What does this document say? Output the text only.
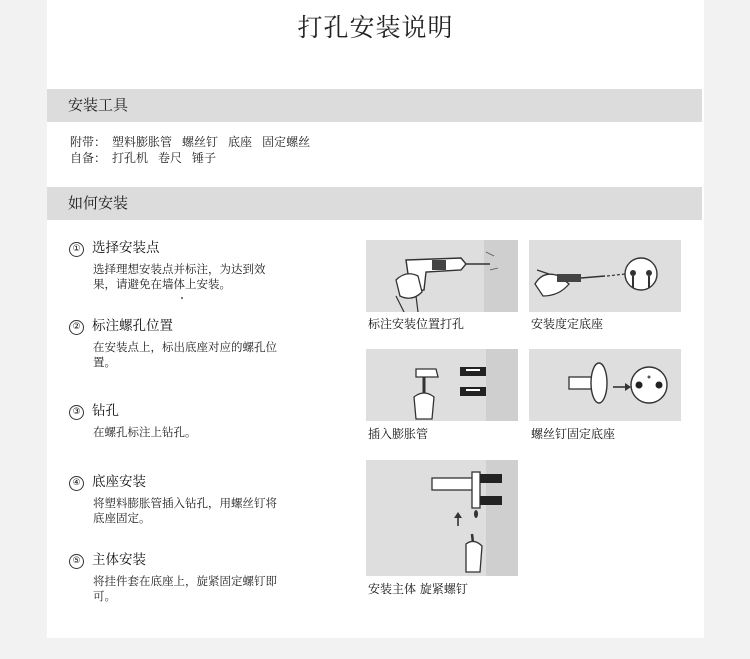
打孔安装说明
安装工具
附带： 塑料膨胀管 螺丝钉 底座 固定螺丝
自备： 打孔机 卷尺 锤子
如何安装
① 选择安装点
选择理想安装点并标注，为达到效果，请避免在墙体上安装。
② 标注螺孔位置
在安装点上，标出底座对应的螺孔位置。
③ 钻孔
在螺孔标注上钻孔。
④ 底座安装
将塑料膨胀管插入钻孔，用螺丝钉将底座固定。
⑤ 主体安装
将挂件套在底座上，旋紧固定螺钉即可。
标注安装位置打孔	安装度定底座
插入膨胀管	螺丝钉固定底座
安装主体 旋紧螺钉
